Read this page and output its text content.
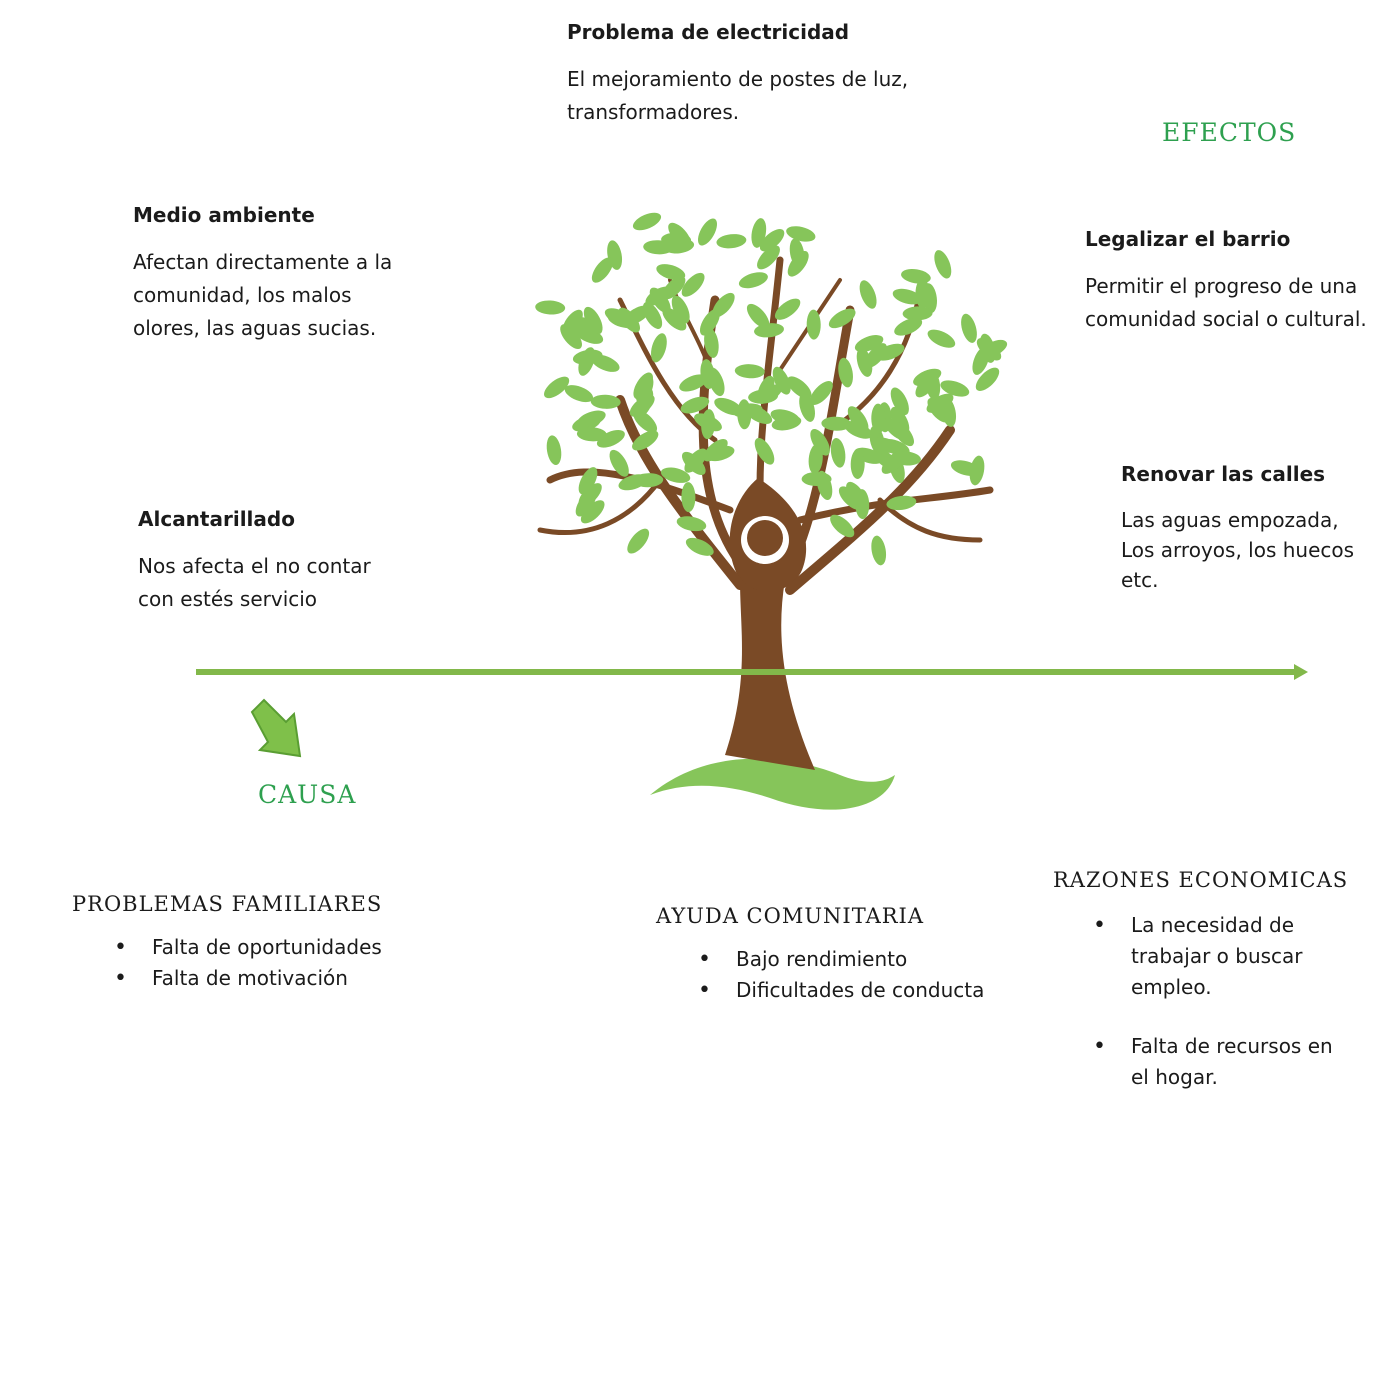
EFECTOS
Problema de electricidad
El mejoramiento de postes de luz, transformadores.
Medio ambiente
Afectan directamente a la comunidad, los malos olores, las aguas sucias.
Legalizar el barrio
Permitir el progreso de una comunidad social o cultural.
Alcantarillado
Nos afecta el no contar con estés servicio
Renovar las calles
Las aguas empozada, Los arroyos, los huecos etc.
CAUSA
PROBLEMAS FAMILIARES
• Falta de oportunidades
• Falta de motivación
AYUDA COMUNITARIA
• Bajo rendimiento
• Dificultades de conducta
RAZONES ECONOMICAS
• La necesidad de trabajar o buscar empleo.
• Falta de recursos en el hogar.
